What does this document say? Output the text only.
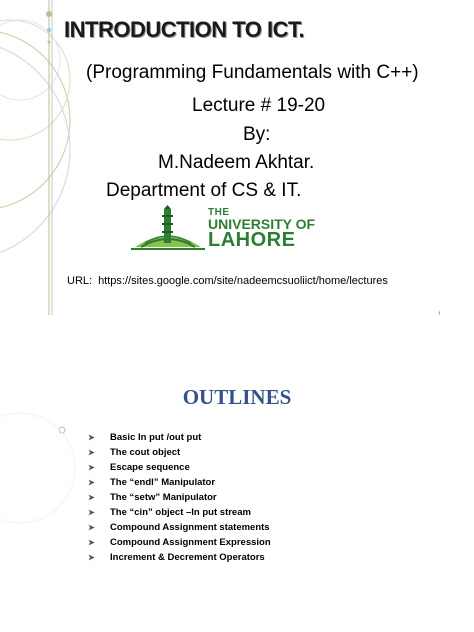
INTRODUCTION TO ICT.
(Programming Fundamentals with C++)
Lecture # 19-20
By:
M.Nadeem Akhtar.
Department of CS & IT.
THE
UNIVERSITY OF
LAHORE
URL: https://sites.google.com/site/nadeemcsuoliict/home/lectures
1
OUTLINES
➤ Basic In put /out put
➤ The cout object
➤ Escape sequence
➤ The “endl” Manipulator
➤ The “setw” Manipulator
➤ The “cin” object –In put stream
➤ Compound Assignment statements
➤ Compound Assignment Expression
➤ Increment & Decrement Operators
